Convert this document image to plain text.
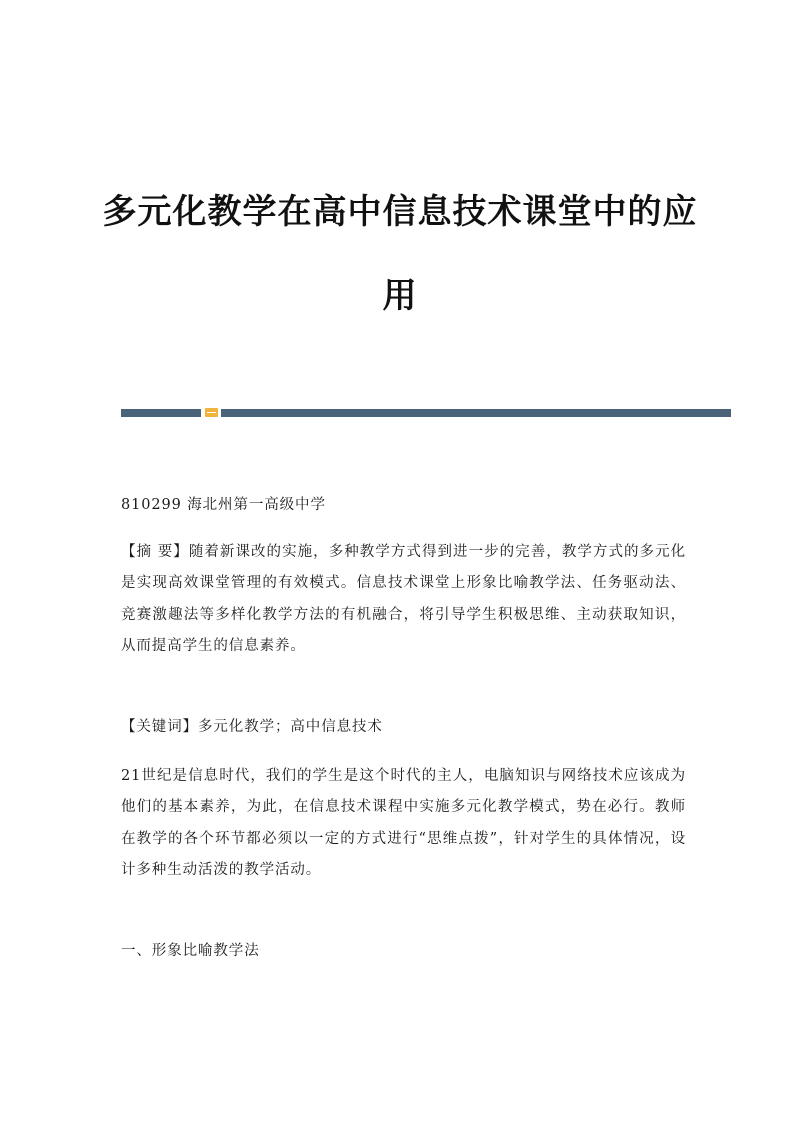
多元化教学在高中信息技术课堂中的应
用

810299 海北州第一高级中学

【摘 要】随着新课改的实施，多种教学方式得到进一步的完善，教学方式的多元化是实现高效课堂管理的有效模式。信息技术课堂上形象比喻教学法、任务驱动法、竞赛激趣法等多样化教学方法的有机融合，将引导学生积极思维、主动获取知识，从而提高学生的信息素养。

【关键词】多元化教学；高中信息技术

21世纪是信息时代，我们的学生是这个时代的主人，电脑知识与网络技术应该成为他们的基本素养，为此，在信息技术课程中实施多元化教学模式，势在必行。教师在教学的各个环节都必须以一定的方式进行“思维点拨”，针对学生的具体情况，设计多种生动活泼的教学活动。

一、形象比喻教学法
